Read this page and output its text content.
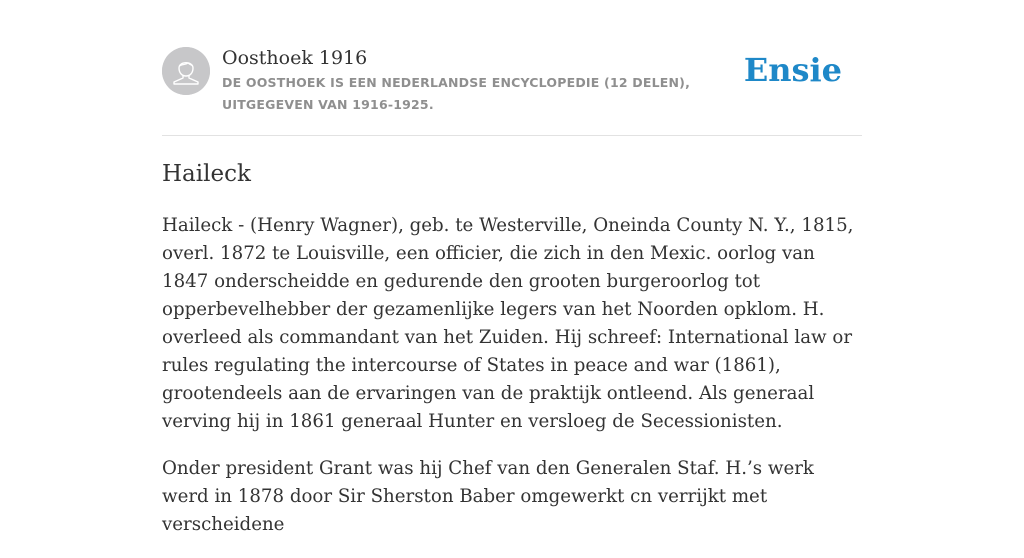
Oosthoek 1916
DE OOSTHOEK IS EEN NEDERLANDSE ENCYCLOPEDIE (12 DELEN), UITGEGEVEN VAN 1916-1925.
Ensie
Haileck

Haileck - (Henry Wagner), geb. te Westerville, Oneinda County N. Y., 1815, overl. 1872 te Louisville, een officier, die zich in den Mexic. oorlog van 1847 onderscheidde en gedurende den grooten burgeroorlog tot opperbevelhebber der gezamenlijke legers van het Noorden opklom. H. overleed als commandant van het Zuiden. Hij schreef: International law or rules regulating the intercourse of States in peace and war (1861), grootendeels aan de ervaringen van de praktijk ontleend. Als generaal verving hij in 1861 generaal Hunter en versloeg de Secessionisten.

Onder president Grant was hij Chef van den Generalen Staf. H.’s werk werd in 1878 door Sir Sherston Baber omgewerkt cn verrijkt met verscheidene
